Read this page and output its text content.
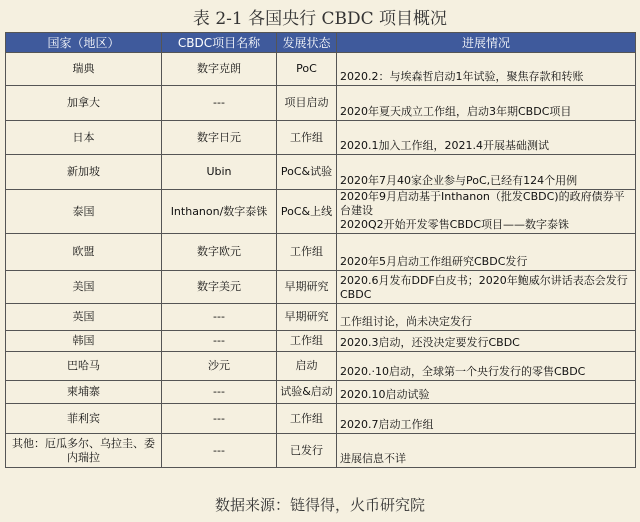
表 2-1 各国央行 CBDC 项目概况
国家（地区）	CBDC项目名称	发展状态	进展情况
瑞典	数字克朗	PoC	2020.2：与埃森哲启动1年试验，聚焦存款和转账
加拿大	---	项目启动	2020年夏天成立工作组，启动3年期CBDC项目
日本	数字日元	工作组	2020.1加入工作组，2021.4开展基础测试
新加坡	Ubin	PoC&试验	2020年7月40家企业参与PoC,已经有124个用例
泰国	Inthanon/数字泰铢	PoC&上线	2020年9月启动基于Inthanon（批发CBDC)的政府债券平台建设
2020Q2开始开发零售CBDC项目——数字泰铢
欧盟	数字欧元	工作组	2020年5月启动工作组研究CBDC发行
美国	数字美元	早期研究	2020.6月发布DDF白皮书；2020年鲍威尔讲话表态会发行CBDC
英国	---	早期研究	工作组讨论，尚未决定发行
韩国	---	工作组	2020.3启动，还没决定要发行CBDC
巴哈马	沙元	启动	2020.·10启动，全球第一个央行发行的零售CBDC
柬埔寨	---	试验&启动	2020.10启动试验
菲利宾	---	工作组	2020.7启动工作组
其他：厄瓜多尔、乌拉圭、委内瑞拉	---	已发行	进展信息不详
数据来源：链得得，火币研究院
